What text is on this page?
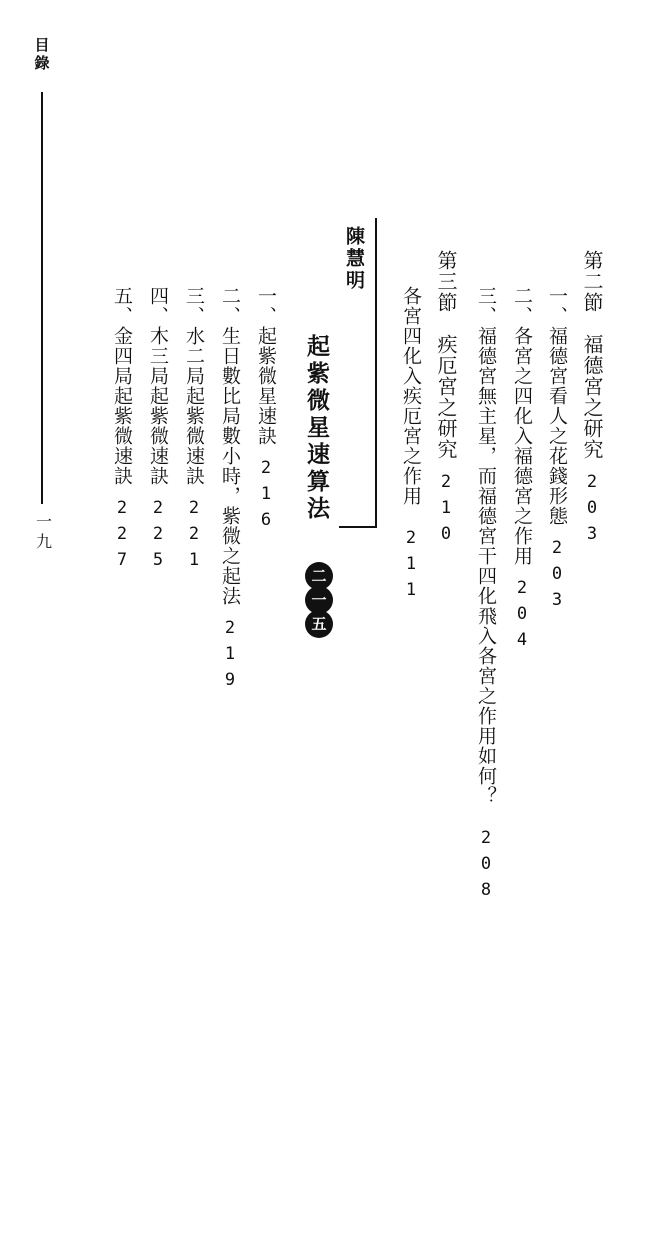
目錄
一九
第二節　福德宮之研究203
一、福德宮看人之花錢形態203
二、各宮之四化入福德宮之作用204
三、福德宮無主星，而福德宮干四化飛入各宮之作用如何？208
第三節　疾厄宮之研究210
各宮四化入疾厄宮之作用211
陳慧明
起紫微星速算法
二
一
五
一、起紫微星速訣216
二、生日數比局數小時，紫微之起法219
三、水二局起紫微速訣221
四、木三局起紫微速訣225
五、金四局起紫微速訣227
